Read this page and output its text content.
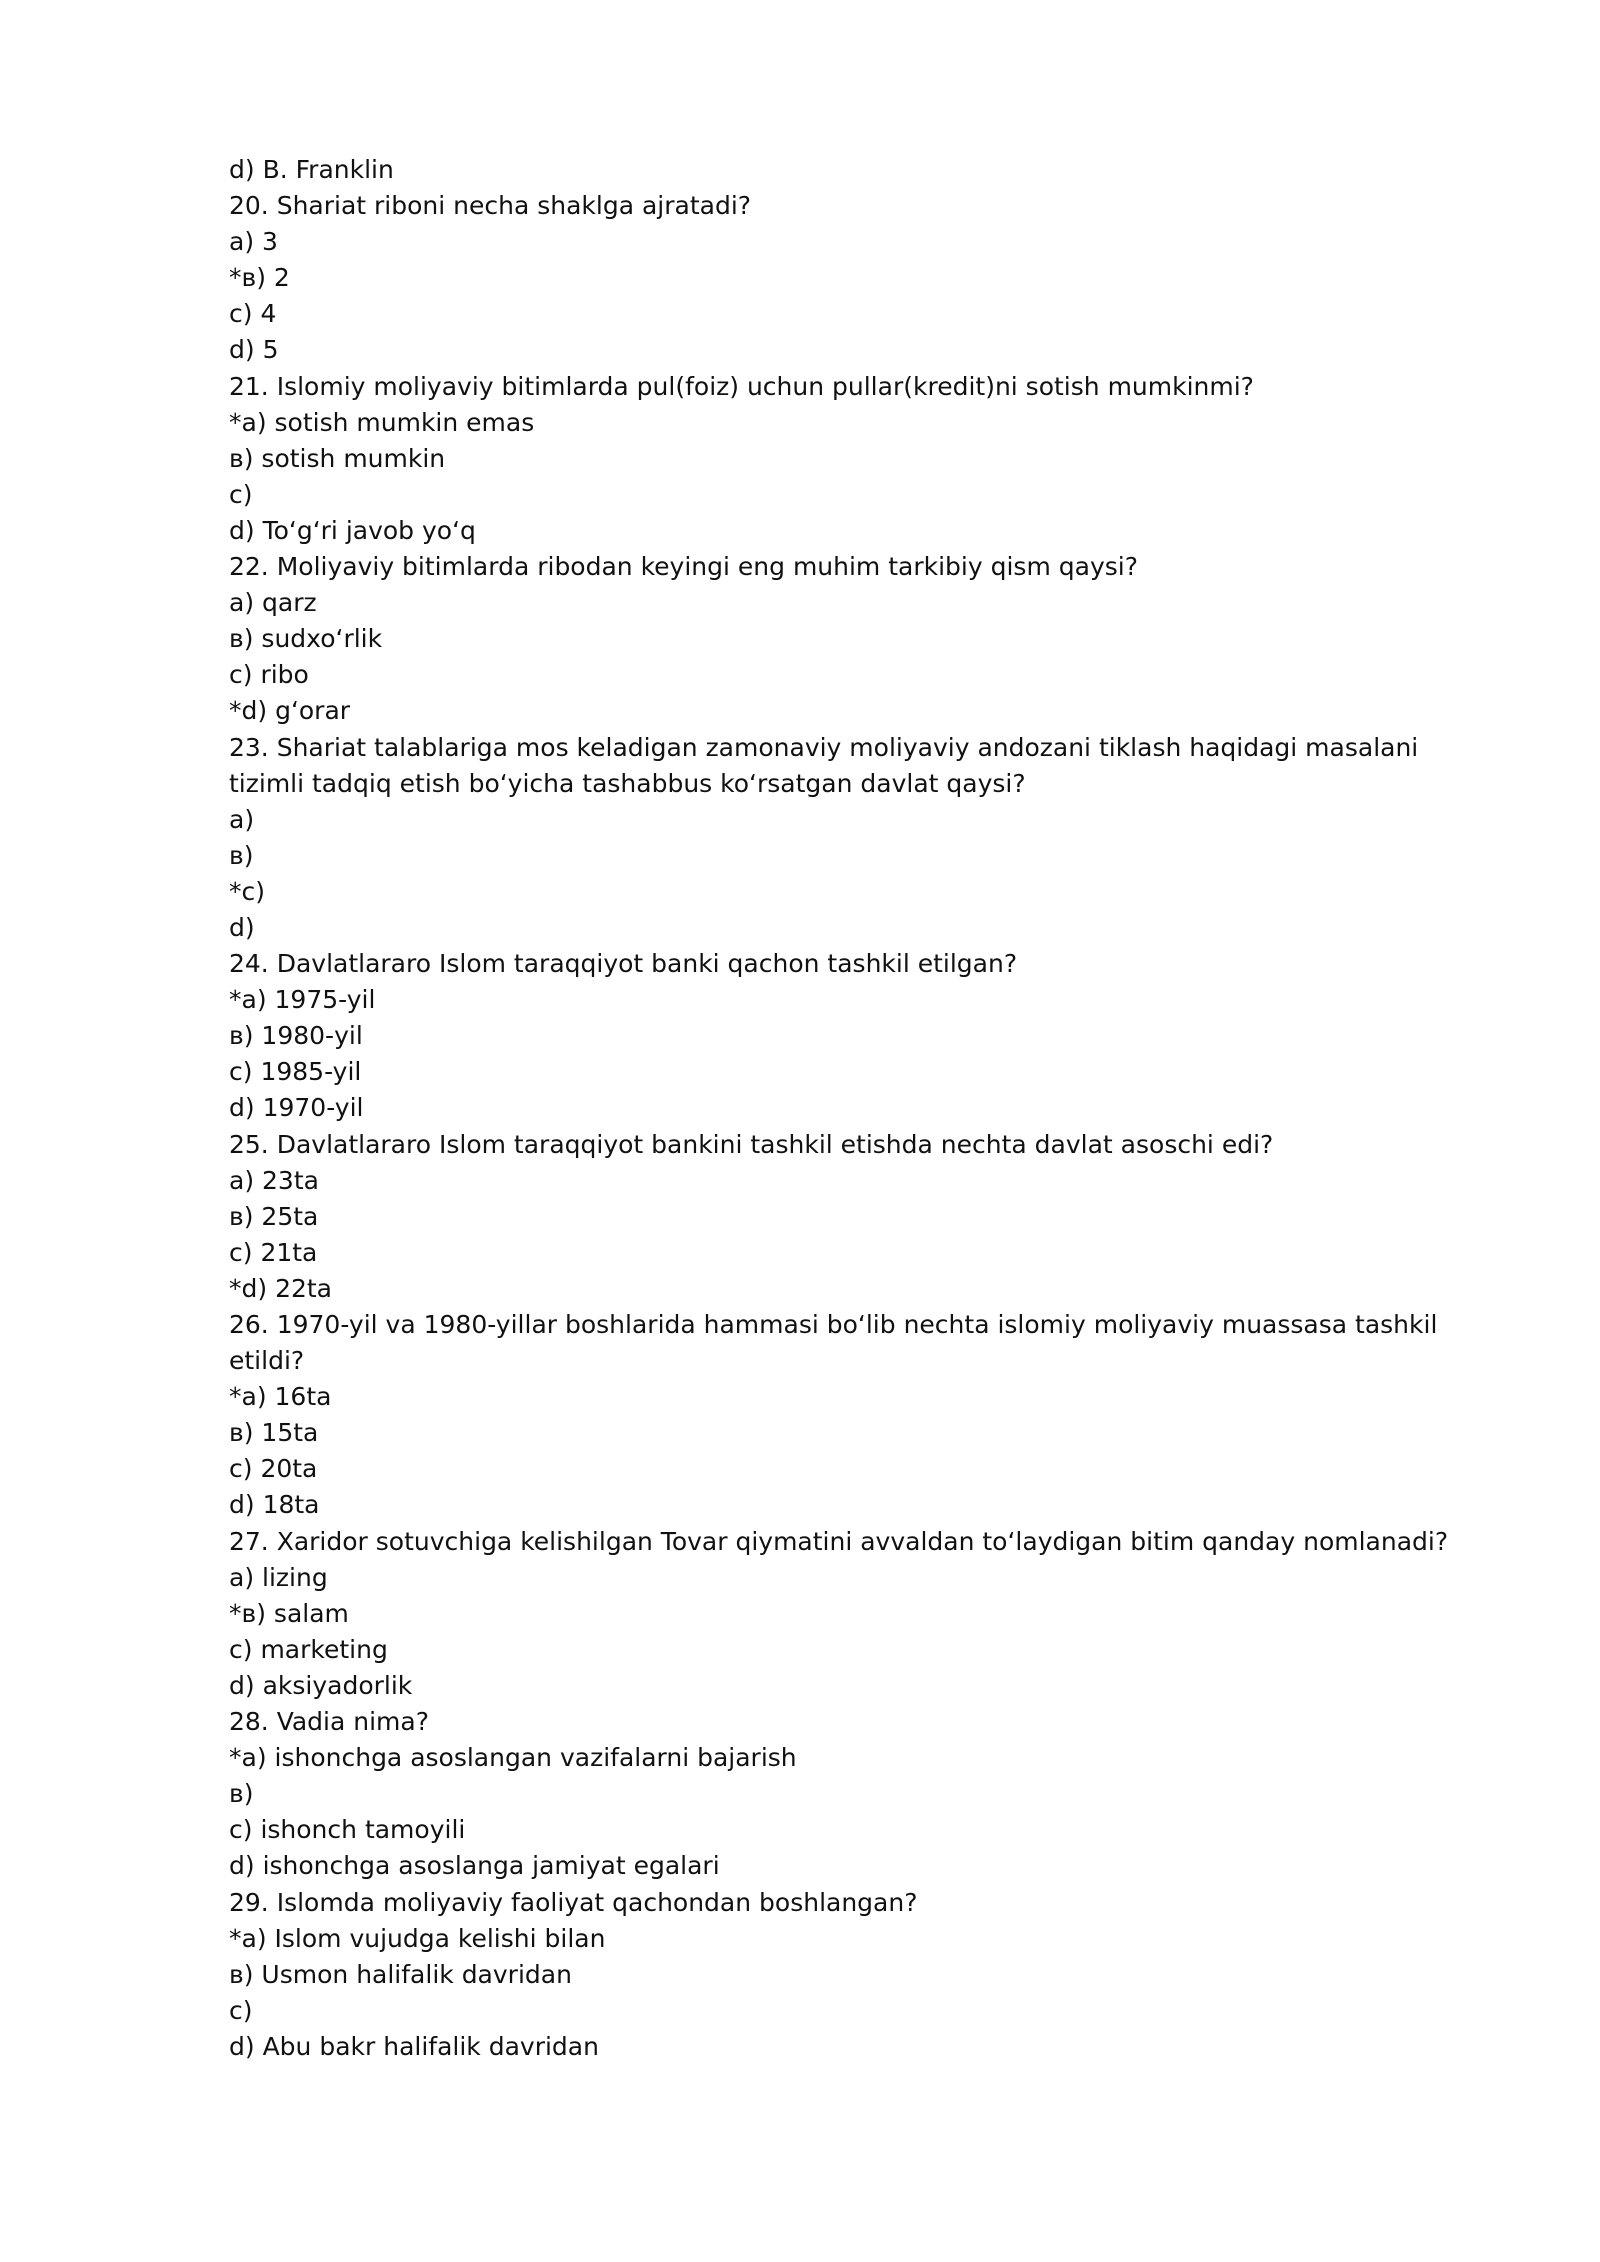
d) B. Franklin

20. Shariat riboni necha shaklga ajratadi?

a) 3

*в) 2

c) 4

d) 5

21. Islomiy moliyaviy bitimlarda pul(foiz) uchun pullar(kredit)ni sotish mumkinmi?

*a) sotish mumkin emas

в) sotish mumkin

c)

d) To‘g‘ri javob yo‘q

22. Moliyaviy bitimlarda ribodan keyingi eng muhim tarkibiy qism qaysi?

a) qarz

в) sudxo‘rlik

c) ribo

*d) g‘orar

23. Shariat talablariga mos keladigan zamonaviy moliyaviy andozani tiklash haqidagi masalani tizimli tadqiq etish bo‘yicha tashabbus ko‘rsatgan davlat qaysi?

a)

в)

*c)

d)

24. Davlatlararo Islom taraqqiyot banki qachon tashkil etilgan?

*a) 1975-yil

в) 1980-yil

c) 1985-yil

d) 1970-yil

25. Davlatlararo Islom taraqqiyot bankini tashkil etishda nechta davlat asoschi edi?

a) 23ta

в) 25ta

c) 21ta

*d) 22ta

26. 1970-yil va 1980-yillar boshlarida hammasi bo‘lib nechta islomiy moliyaviy muassasa tashkil etildi?

*a) 16ta

в) 15ta

c) 20ta

d) 18ta

27. Xaridor sotuvchiga kelishilgan Tovar qiymatini avvaldan to‘laydigan bitim qanday nomlanadi?

a) lizing

*в) salam

c) marketing

d) aksiyadorlik

28. Vadia nima?

*a) ishonchga asoslangan vazifalarni bajarish

в)

c) ishonch tamoyili

d) ishonchga asoslanga jamiyat egalari

29. Islomda moliyaviy faoliyat qachondan boshlangan?

*a) Islom vujudga kelishi bilan

в) Usmon halifalik davridan

c)

d) Abu bakr halifalik davridan
